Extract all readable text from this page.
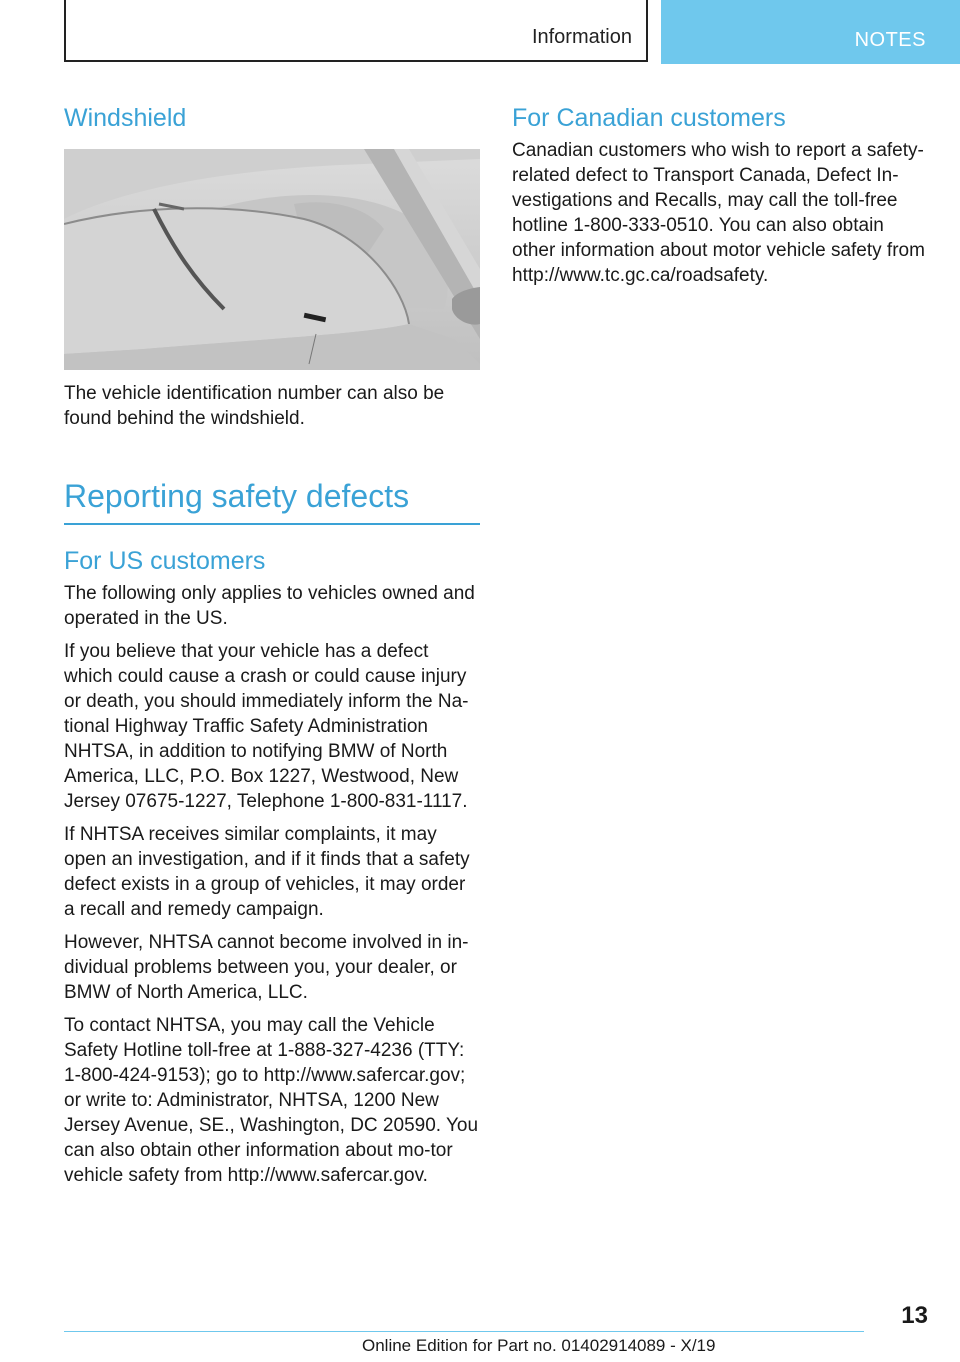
Information	NOTES
Windshield

The vehicle identification number can also be found behind the windshield.

Reporting safety defects
For US customers

The following only applies to vehicles owned and operated in the US.

If you believe that your vehicle has a defect which could cause a crash or could cause injury or death, you should immediately inform the Na-tional Highway Traffic Safety Administration NHTSA, in addition to notifying BMW of North America, LLC, P.O. Box 1227, Westwood, New Jersey 07675-1227, Telephone 1-800-831-1117.

If NHTSA receives similar complaints, it may open an investigation, and if it finds that a safety defect exists in a group of vehicles, it may order a recall and remedy campaign.

However, NHTSA cannot become involved in in-dividual problems between you, your dealer, or BMW of North America, LLC.

To contact NHTSA, you may call the Vehicle Safety Hotline toll-free at 1-888-327-4236 (TTY: 1-800-424-9153); go to http://www.safercar.gov; or write to: Administrator, NHTSA, 1200 New Jersey Avenue, SE., Washington, DC 20590. You can also obtain other information about mo-tor vehicle safety from http://www.safercar.gov.

For Canadian customers

Canadian customers who wish to report a safety-related defect to Transport Canada, Defect In-vestigations and Recalls, may call the toll-free hotline 1-800-333-0510. You can also obtain other information about motor vehicle safety from http://www.tc.gc.ca/roadsafety.

13
Online Edition for Part no. 01402914089 - X/19
